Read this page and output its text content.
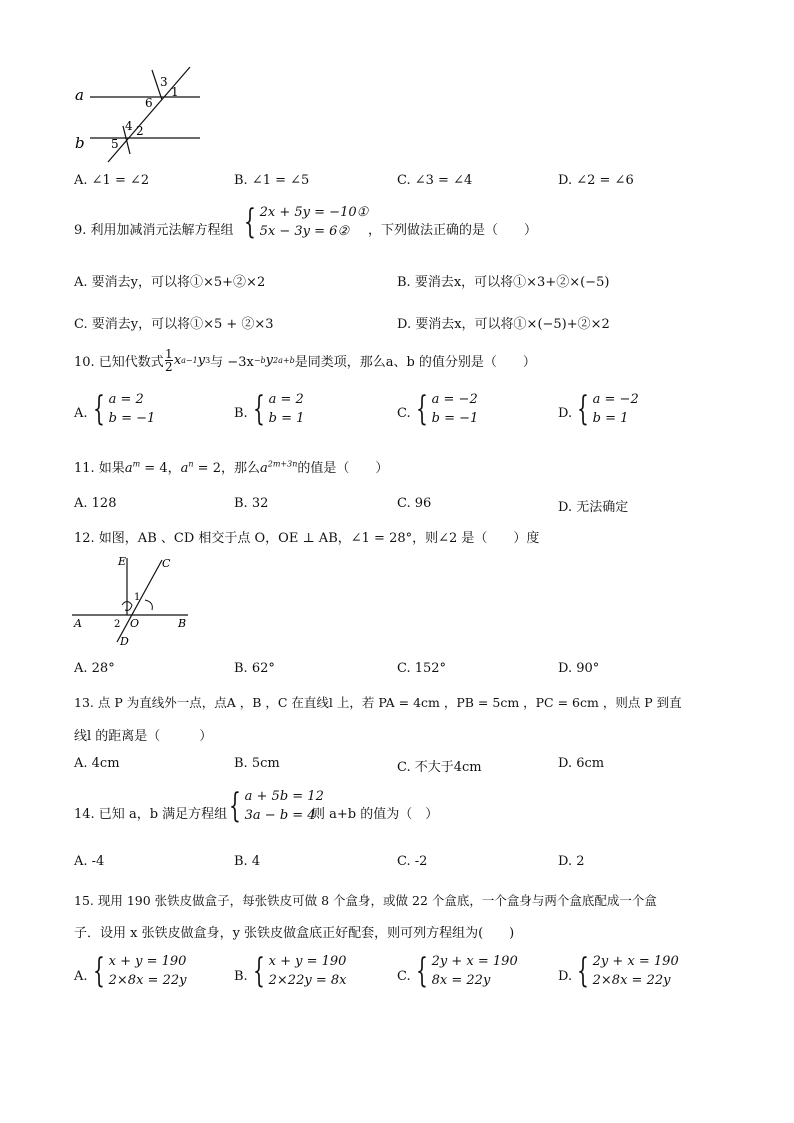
a
b
3
1
6
4 2
5
A. ∠1 = ∠2	B. ∠1 = ∠5	C. ∠3 = ∠4	D. ∠2 = ∠6
9. 利用加减消元法解方程组 { 2x + 5y = −10①
5x − 3y = 6②	，下列做法正确的是（　　）
A. 要消去y，可以将①×5+②×2	B. 要消去x，可以将①×3+②×(−5)
C. 要消去y，可以将①×5 + ②×3	D. 要消去x，可以将①×(−5)+②×2
10. 已知代数式 $\frac{1}{2}$ x a−1 y 3 与 −3x −b y 2a+b 是同类项，那么a、b 的值分别是（　　）
A. { a = 2
b = −1	B. { a = 2
b = 1	C. { a = −2
b = −1	D. { a = −2
b = 1
11. 如果$a^m = 4$，$a^n = 2$，那么$a^{2m+3n}$的值是（　　）
A. 128	B. 32	C. 96	D. 无法确定
12. 如图，AB 、CD 相交于点 O，OE ⊥ AB，∠1 = 28°，则∠2 是（　　）度
E	C
A	B
O
D
1
2
A. 28°	B. 62°	C. 152°	D. 90°
13. 点 P 为直线外一点，点A ，B ，C 在直线l 上，若 PA = 4cm ，PB = 5cm ，PC = 6cm ，则点 P 到直
线l 的距离是（　　　）
A. 4cm	B. 5cm	C. 不大于4cm	D. 6cm
14. 已知 a，b 满足方程组 { a + 5b = 12
3a − b = 4
则 a+b 的值为（　）
A. -4	B. 4	C. -2	D. 2
15. 现用 190 张铁皮做盒子，每张铁皮可做 8 个盒身，或做 22 个盒底，一个盒身与两个盒底配成一个盒
子．设用 x 张铁皮做盒身，y 张铁皮做盒底正好配套，则可列方程组为(　　)
A. { x + y = 190
2×8x = 22y	B. { x + y = 190
2×22y = 8x	C. { 2y + x = 190
8x = 22y	D. { 2y + x = 190
2×8x = 22y
